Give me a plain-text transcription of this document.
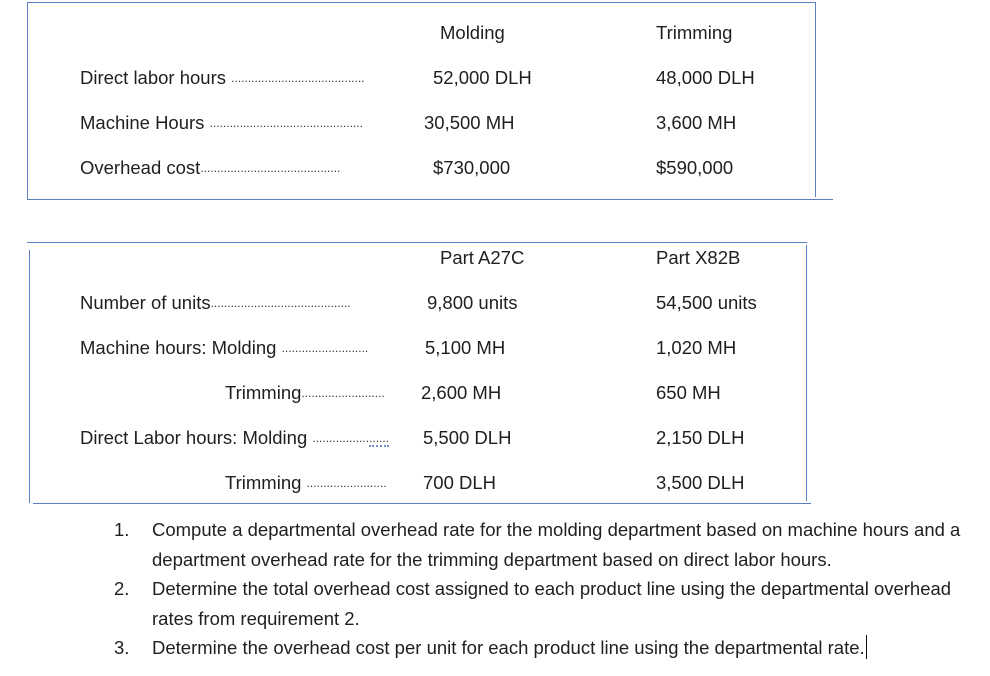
Molding	Trimming
Direct labor hours ........................................	52,000 DLH	48,000 DLH
Machine Hours ..............................................	30,500 MH	3,600 MH
Overhead cost..........................................	$730,000	$590,000
Part A27C	Part X82B
Number of units..........................................	9,800 units	54,500 units
Machine hours: Molding ..........................	5,100 MH	1,020 MH
Trimming......................... 2,600 MH	650 MH
Direct Labor hours: Molding ....................... 5,500 DLH	2,150 DLH
Trimming ........................ 700 DLH	3,500 DLH
1. Compute a departmental overhead rate for the molding department based on machine hours and a department overhead rate for the trimming department based on direct labor hours.
2. Determine the total overhead cost assigned to each product line using the departmental overhead rates from requirement 2.
3. Determine the overhead cost per unit for each product line using the departmental rate.
